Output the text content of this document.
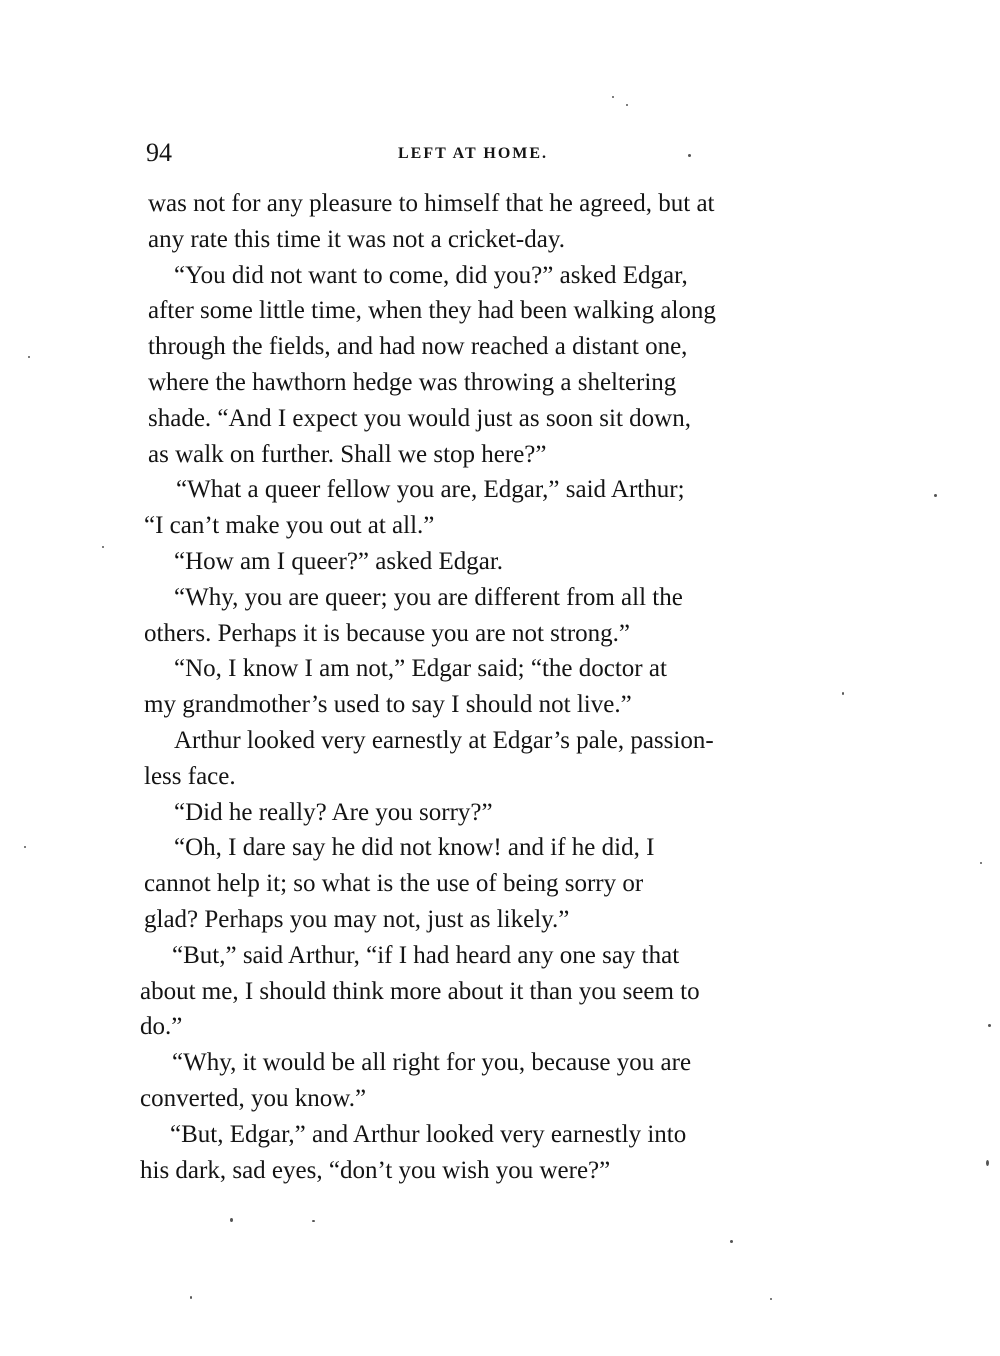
94	LEFT AT HOME.
was not for any pleasure to himself that he agreed, but at
any rate this time it was not a cricket-day.
“You did not want to come, did you?” asked Edgar,
after some little time, when they had been walking along
through the fields, and had now reached a distant one,
where the hawthorn hedge was throwing a sheltering
shade. “And I expect you would just as soon sit down,
as walk on further. Shall we stop here?”
“What a queer fellow you are, Edgar,” said Arthur;
“I can’t make you out at all.”
“How am I queer?” asked Edgar.
“Why, you are queer; you are different from all the
others. Perhaps it is because you are not strong.”
“No, I know I am not,” Edgar said; “the doctor at
my grandmother’s used to say I should not live.”
Arthur looked very earnestly at Edgar’s pale, passion-
less face.
“Did he really? Are you sorry?”
“Oh, I dare say he did not know! and if he did, I
cannot help it; so what is the use of being sorry or
glad? Perhaps you may not, just as likely.”
“But,” said Arthur, “if I had heard any one say that
about me, I should think more about it than you seem to
do.”
“Why, it would be all right for you, because you are
converted, you know.”
“But, Edgar,” and Arthur looked very earnestly into
his dark, sad eyes, “don’t you wish you were?”
